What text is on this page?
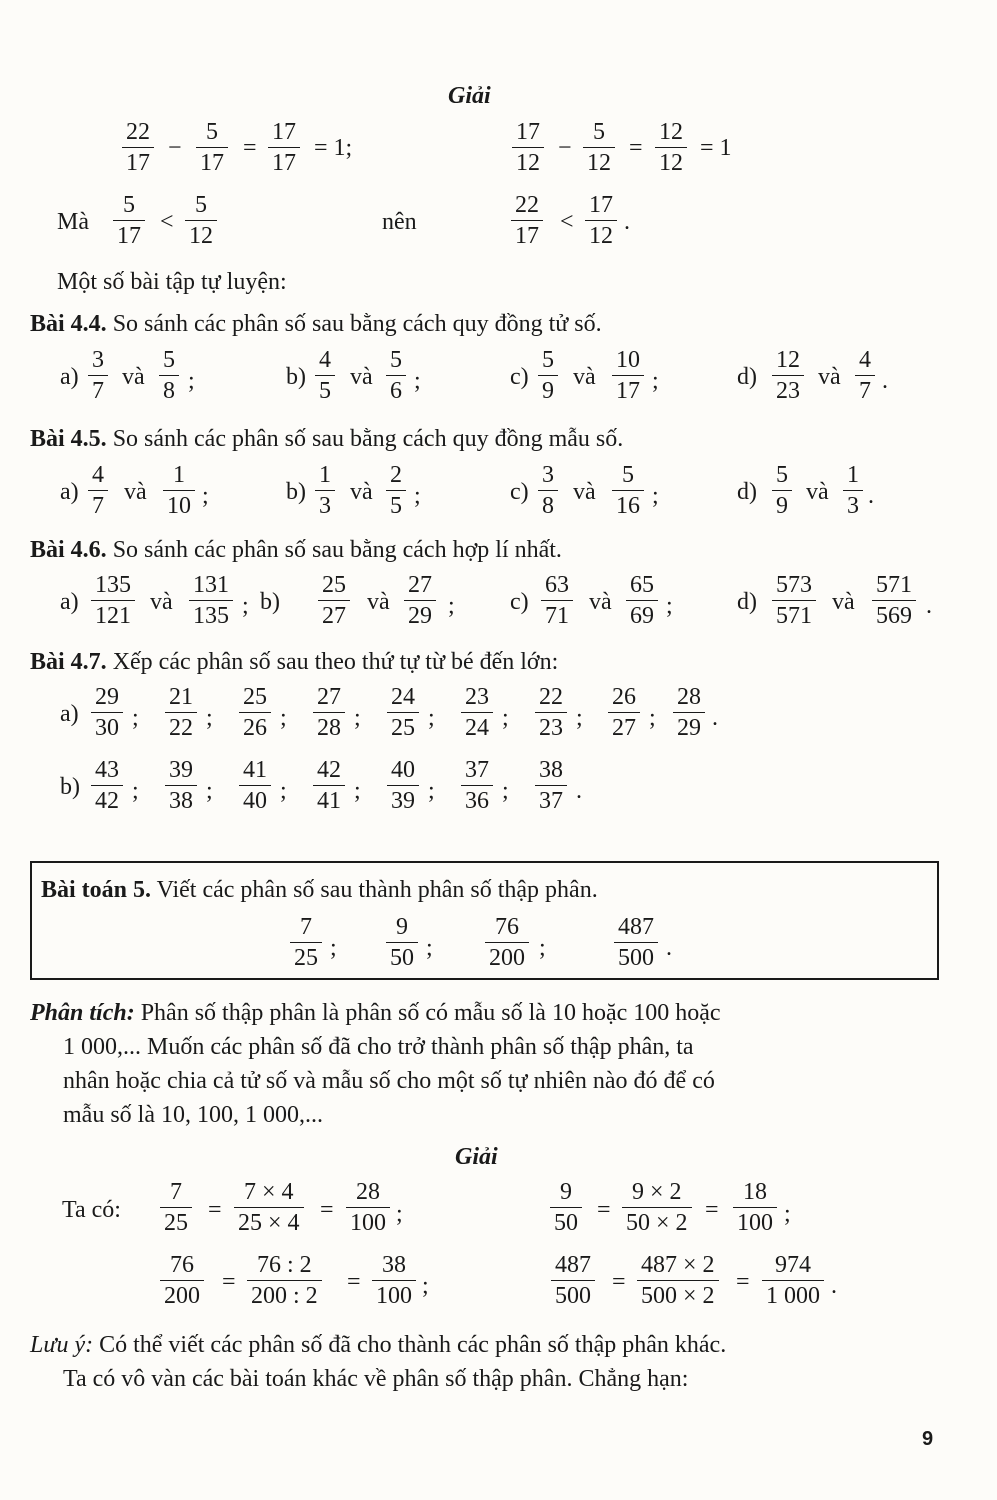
Giải
22
17
−
5
17
=
17
17
= 1;
17
12
−
5
12
=
12
12
= 1
Mà
5
17
<
5
12
nên
22
17
<
17
12
.
Một số bài tập tự luyện:
Bài 4.4. So sánh các phân số sau bằng cách quy đồng tử số.
a)
3
7
và
5
8 ;	b)
4
5
và
5
6 ;	c)
5
9
và
10
17 ;	d)
12
23
và
4
7 .
Bài 4.5. So sánh các phân số sau bằng cách quy đồng mẫu số.
a)
4
7
và
1
10 ;	b)
1
3
và
2
5 ;	c)
3
8
và
5
16 ;	d)
5
9
và
1
3 .
Bài 4.6. So sánh các phân số sau bằng cách hợp lí nhất.
a)
135
121
và
131
135 ; b)
25
27
và
27
29 ; c)
63
71
và
65
69 ;	d)
573
571
và
571
569 .
Bài 4.7. Xếp các phân số sau theo thứ tự từ bé đến lớn:
a)
29
30 ;
21
22 ;
25
26 ;
27
28 ;
24
25 ;
23
24 ;
22
23 ;
26
27 ;
28
29 .
b)
43
42 ;
39
38 ;
41
40 ;
42
41 ;
40
39 ;
37
36 ;
38
37 .
Bài toán 5. Viết các phân số sau thành phân số thập phân.
7
25 ;
9
50 ;
76
200 ;
487
500 .
Phân tích: Phân số thập phân là phân số có mẫu số là 10 hoặc 100 hoặc
1 000,... Muốn các phân số đã cho trở thành phân số thập phân, ta
nhân hoặc chia cả tử số và mẫu số cho một số tự nhiên nào đó để có
mẫu số là 10, 100, 1 000,...
Giải
Ta có:
7
25 =
7 × 4
25 × 4 =
28
100 ;
9
50 =
9 × 2
50 × 2 =
18
100 ;
76
200
=
76 : 2
200 : 2
=
38
100 ;
487
500
=
487 × 2
500 × 2
=
974
1 000 .
Lưu ý: Có thể viết các phân số đã cho thành các phân số thập phân khác.
Ta có vô vàn các bài toán khác về phân số thập phân. Chẳng hạn:
9
